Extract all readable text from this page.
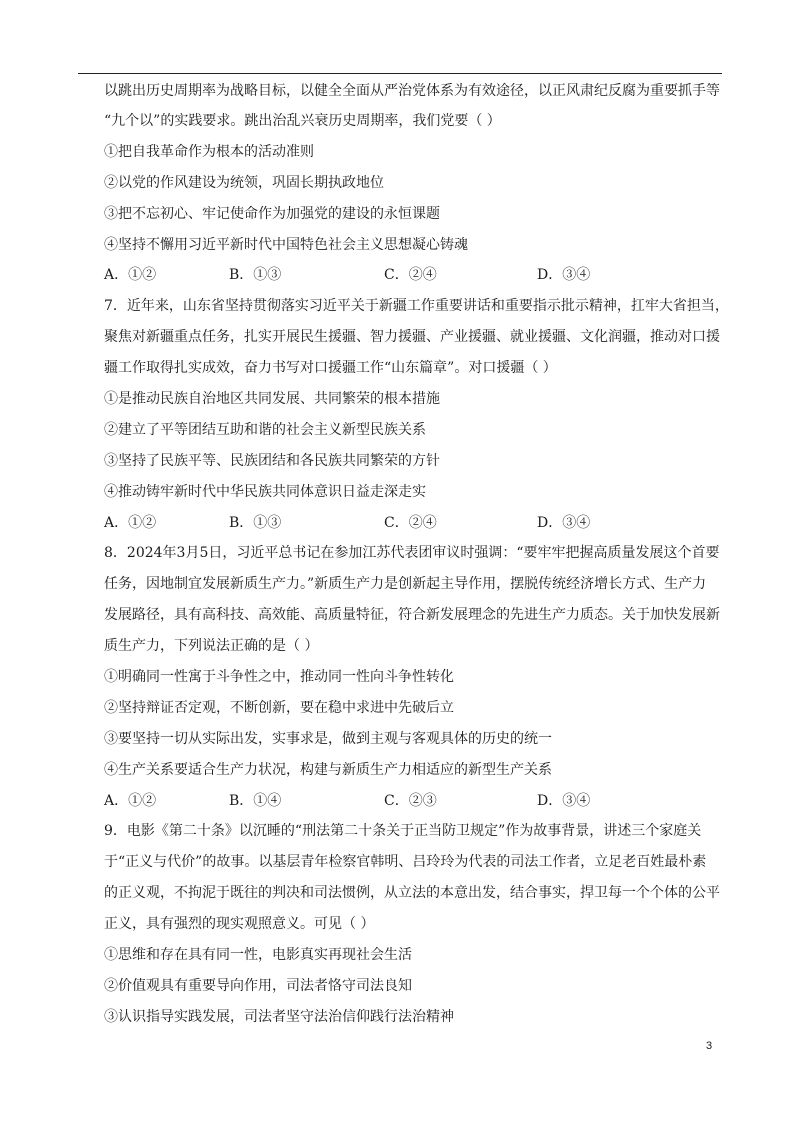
以跳出历史周期率为战略目标，以健全全面从严治党体系为有效途径，以正风肃纪反腐为重要抓手等
“九个以”的实践要求。跳出治乱兴衰历史周期率，我们党要（ ）
①把自我革命作为根本的活动准则
②以党的作风建设为统领，巩固长期执政地位
③把不忘初心、牢记使命作为加强党的建设的永恒课题
④坚持不懈用习近平新时代中国特色社会主义思想凝心铸魂
A．①②	B．①③	C．②④	D．③④
7．近年来，山东省坚持贯彻落实习近平关于新疆工作重要讲话和重要指示批示精神，扛牢大省担当，
聚焦对新疆重点任务，扎实开展民生援疆、智力援疆、产业援疆、就业援疆、文化润疆，推动对口援
疆工作取得扎实成效，奋力书写对口援疆工作“山东篇章”。对口援疆（ ）
①是推动民族自治地区共同发展、共同繁荣的根本措施
②建立了平等团结互助和谐的社会主义新型民族关系
③坚持了民族平等、民族团结和各民族共同繁荣的方针
④推动铸牢新时代中华民族共同体意识日益走深走实
A．①②	B．①③	C．②④	D．③④
8．2024年3月5日，习近平总书记在参加江苏代表团审议时强调：“要牢牢把握高质量发展这个首要
任务，因地制宜发展新质生产力。”新质生产力是创新起主导作用，摆脱传统经济增长方式、生产力
发展路径，具有高科技、高效能、高质量特征，符合新发展理念的先进生产力质态。关于加快发展新
质生产力，下列说法正确的是（ ）
①明确同一性寓于斗争性之中，推动同一性向斗争性转化
②坚持辩证否定观，不断创新，要在稳中求进中先破后立
③要坚持一切从实际出发，实事求是，做到主观与客观具体的历史的统一
④生产关系要适合生产力状况，构建与新质生产力相适应的新型生产关系
A．①②	B．①④	C．②③	D．③④
9．电影《第二十条》以沉睡的“刑法第二十条关于正当防卫规定”作为故事背景，讲述三个家庭关
于“正义与代价”的故事。以基层青年检察官韩明、吕玲玲为代表的司法工作者，立足老百姓最朴素
的正义观，不拘泥于既往的判决和司法惯例，从立法的本意出发，结合事实，捍卫每一个个体的公平
正义，具有强烈的现实观照意义。可见（ ）
①思维和存在具有同一性，电影真实再现社会生活
②价值观具有重要导向作用，司法者恪守司法良知
③认识指导实践发展，司法者坚守法治信仰践行法治精神
3
